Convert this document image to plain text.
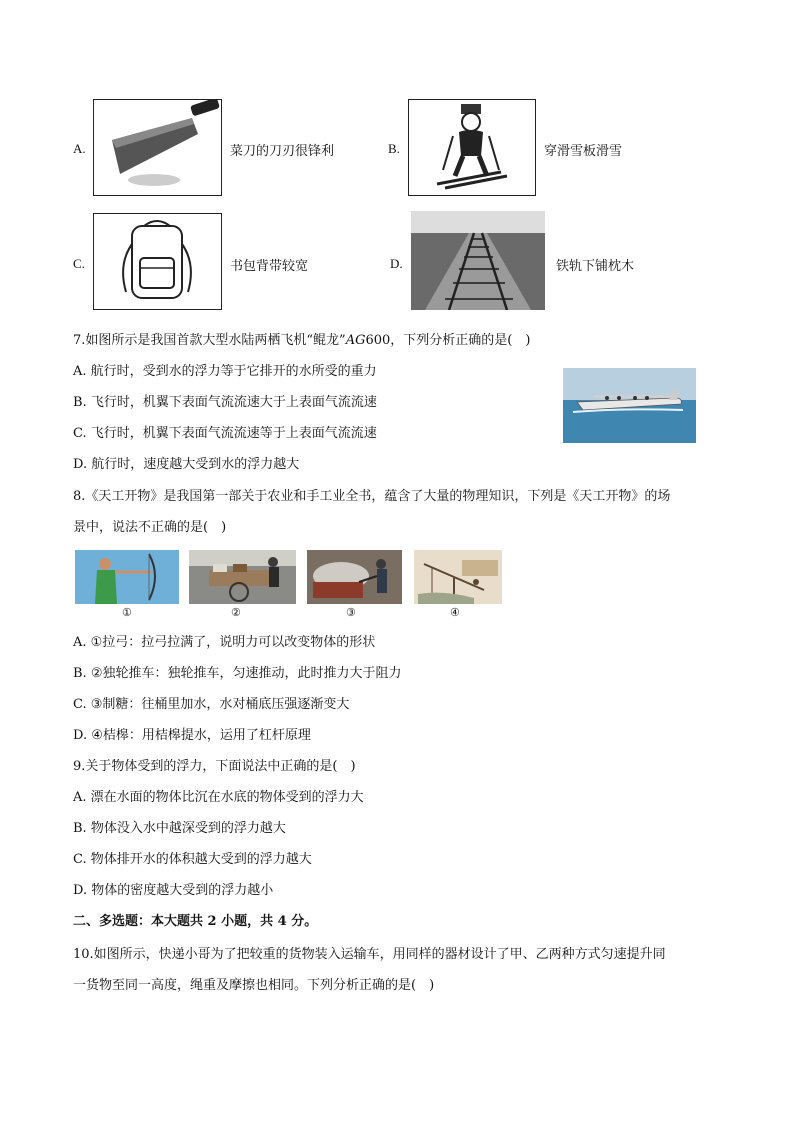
A.	菜刀的刀刃很锋利	B.	穿滑雪板滑雪
C.	书包背带较宽	D.	铁轨下铺枕木
7.如图所示是我国首款大型水陆两栖飞机“鲲龙”𝐴𝐺600，下列分析正确的是(　)
A. 航行时，受到水的浮力等于它排开的水所受的重力
B. 飞行时，机翼下表面气流流速大于上表面气流流速
C. 飞行时，机翼下表面气流流速等于上表面气流流速
D. 航行时，速度越大受到水的浮力越大
8.《天工开物》是我国第一部关于农业和手工业全书，蕴含了大量的物理知识，下列是《天工开物》的场
景中，说法不正确的是(　)
①	②	③	④
A. ①拉弓：拉弓拉满了，说明力可以改变物体的形状
B. ②独轮推车：独轮推车，匀速推动，此时推力大于阻力
C. ③制糖：往桶里加水，水对桶底压强逐渐变大
D. ④桔槔：用桔槔提水，运用了杠杆原理
9.关于物体受到的浮力，下面说法中正确的是(　)
A. 漂在水面的物体比沉在水底的物体受到的浮力大
B. 物体没入水中越深受到的浮力越大
C. 物体排开水的体积越大受到的浮力越大
D. 物体的密度越大受到的浮力越小
二、多选题：本大题共 2 小题，共 4 分。
10.如图所示，快递小哥为了把较重的货物装入运输车，用同样的器材设计了甲、乙两种方式匀速提升同
一货物至同一高度，绳重及摩擦也相同。下列分析正确的是(　)
